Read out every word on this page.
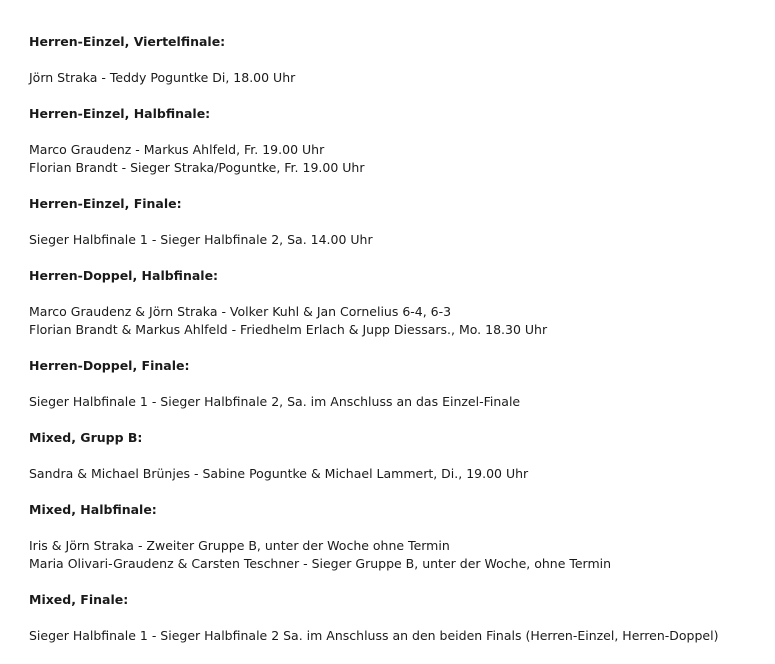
Herren-Einzel, Viertelfinale:
Jörn Straka - Teddy Poguntke Di, 18.00 Uhr
Herren-Einzel, Halbfinale:
Marco Graudenz - Markus Ahlfeld, Fr. 19.00 Uhr
Florian Brandt - Sieger Straka/Poguntke, Fr. 19.00 Uhr
Herren-Einzel, Finale:
Sieger Halbfinale 1 - Sieger Halbfinale 2, Sa. 14.00 Uhr
Herren-Doppel, Halbfinale:
Marco Graudenz & Jörn Straka - Volker Kuhl & Jan Cornelius 6-4, 6-3
Florian Brandt & Markus Ahlfeld - Friedhelm Erlach & Jupp Diessars., Mo. 18.30 Uhr
Herren-Doppel, Finale:
Sieger Halbfinale 1 - Sieger Halbfinale 2, Sa. im Anschluss an das Einzel-Finale
Mixed, Grupp B:
Sandra & Michael Brünjes - Sabine Poguntke & Michael Lammert, Di., 19.00 Uhr
Mixed, Halbfinale:
Iris & Jörn Straka - Zweiter Gruppe B, unter der Woche ohne Termin
Maria Olivari-Graudenz & Carsten Teschner - Sieger Gruppe B, unter der Woche, ohne Termin
Mixed, Finale:
Sieger Halbfinale 1 - Sieger Halbfinale 2 Sa. im Anschluss an den beiden Finals (Herren-Einzel, Herren-Doppel)
